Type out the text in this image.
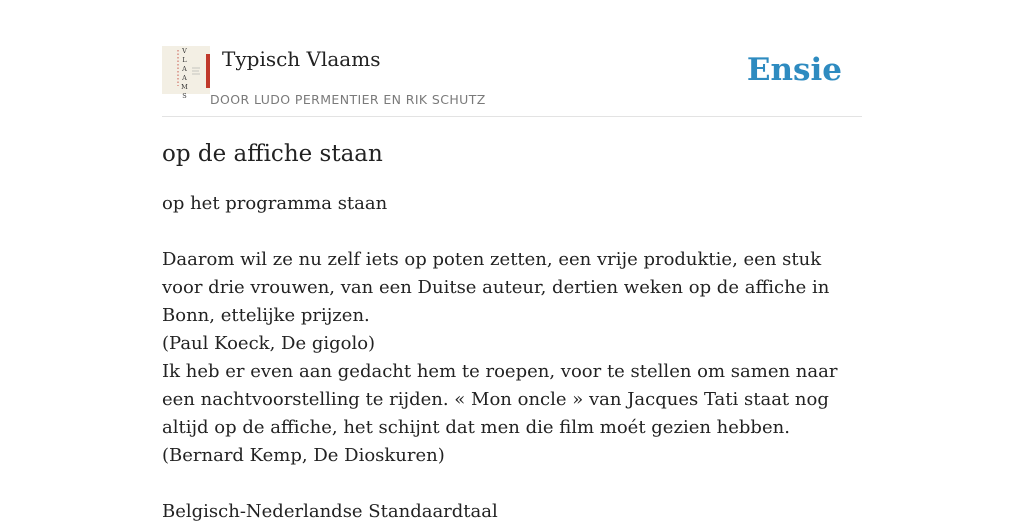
V
L
A
A
M
S
Typisch Vlaams
DOOR LUDO PERMENTIER EN RIK SCHUTZ
Ensie
op de affiche staan
op het programma staan

Daarom wil ze nu zelf iets op poten zetten, een vrije produktie, een stuk voor drie vrouwen, van een Duitse auteur, dertien weken op de affiche in Bonn, ettelijke prijzen.

(Paul Koeck, De gigolo)

Ik heb er even aan gedacht hem te roepen, voor te stellen om samen naar een nachtvoorstelling te rijden. « Mon oncle » van Jacques Tati staat nog altijd op de affiche, het schijnt dat men die film moét gezien hebben.

(Bernard Kemp, De Dioskuren)

Belgisch-Nederlandse Standaardtaal
